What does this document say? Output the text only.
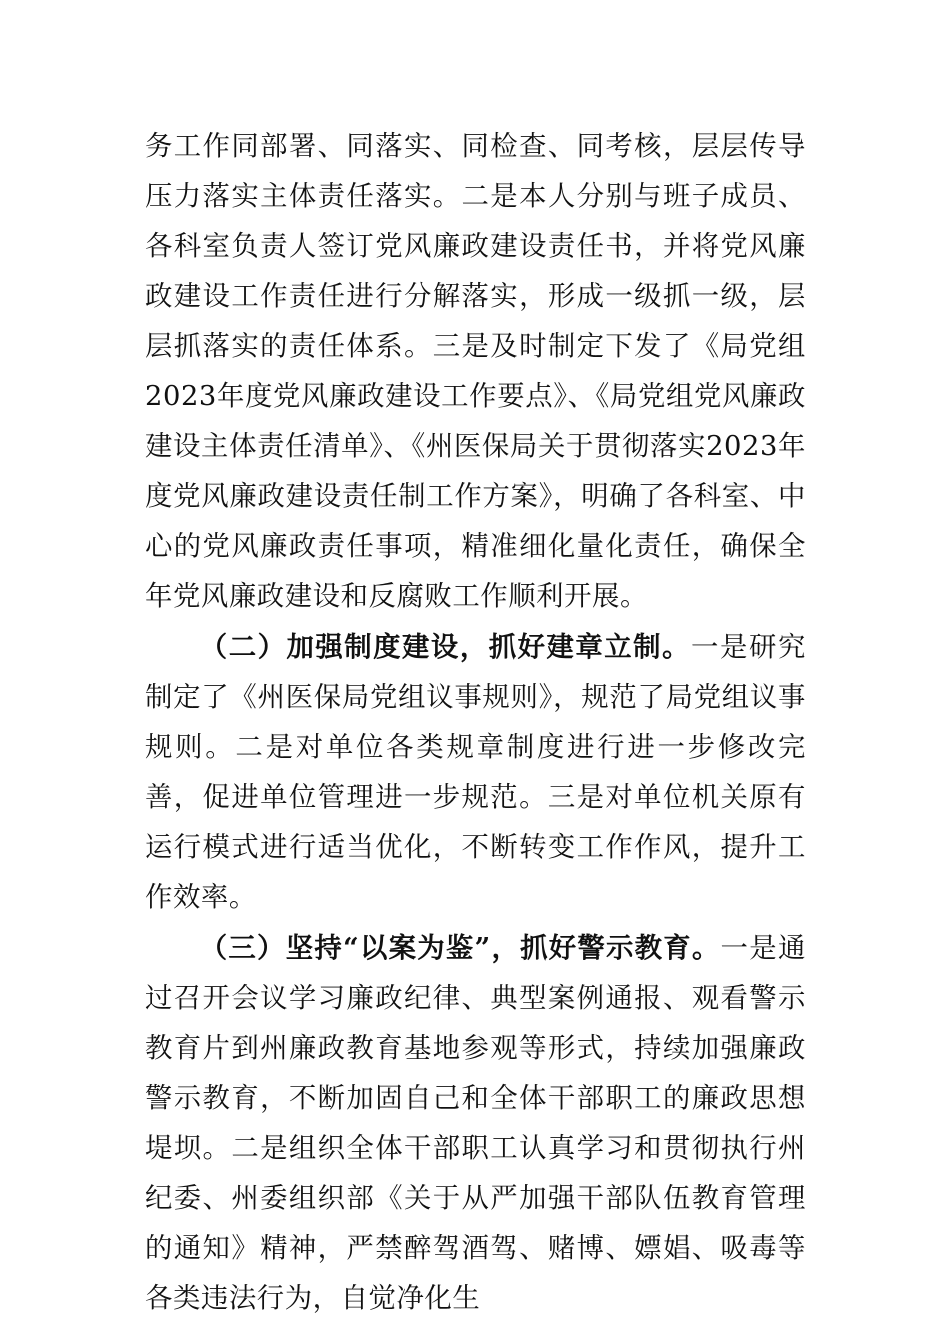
务工作同部署、同落实、同检查、同考核，层层传导压力落实主体责任落实。二是本人分别与班子成员、各科室负责人签订党风廉政建设责任书，并将党风廉政建设工作责任进行分解落实，形成一级抓一级，层层抓落实的责任体系。三是及时制定下发了《局党组2023年度党风廉政建设工作要点》、《局党组党风廉政建设主体责任清单》、《州医保局关于贯彻落实2023年度党风廉政建设责任制工作方案》，明确了各科室、中心的党风廉政责任事项，精准细化量化责任，确保全年党风廉政建设和反腐败工作顺利开展。

（二）加强制度建设，抓好建章立制。一是研究制定了《州医保局党组议事规则》，规范了局党组议事规则。二是对单位各类规章制度进行进一步修改完善，促进单位管理进一步规范。三是对单位机关原有运行模式进行适当优化，不断转变工作作风，提升工作效率。

（三）坚持“以案为鉴”，抓好警示教育。一是通过召开会议学习廉政纪律、典型案例通报、观看警示教育片到州廉政教育基地参观等形式，持续加强廉政警示教育，不断加固自己和全体干部职工的廉政思想堤坝。二是组织全体干部职工认真学习和贯彻执行州纪委、州委组织部《关于从严加强干部队伍教育管理的通知》精神，严禁醉驾酒驾、赌博、嫖娼、吸毒等各类违法行为，自觉净化生
